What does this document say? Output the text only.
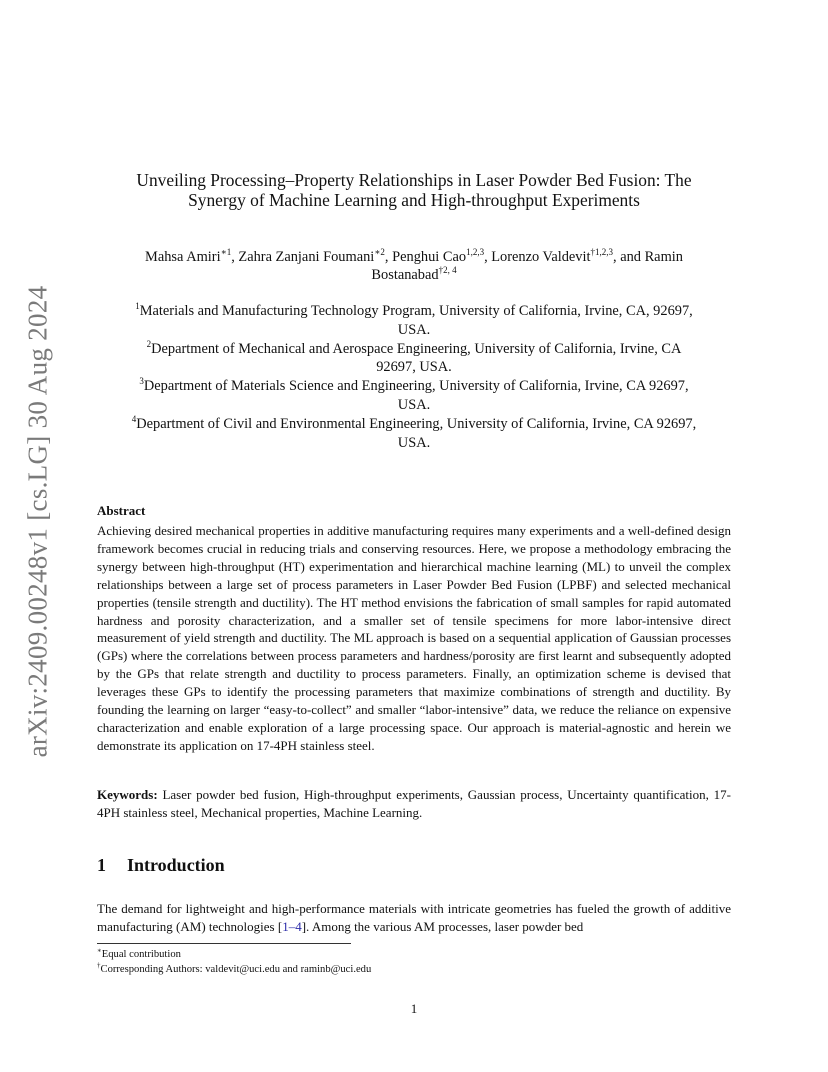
arXiv:2409.00248v1 [cs.LG] 30 Aug 2024
Unveiling Processing–Property Relationships in Laser Powder Bed Fusion: The
Synergy of Machine Learning and High-throughput Experiments
Mahsa Amiri$^{∗1}$, Zahra Zanjani Foumani$^{∗2}$, Penghui Cao$^{1,2,3}$, Lorenzo Valdevit$^{\dagger 1,2,3}$, and Ramin
Bostanabad$^{\dagger 2, 4}$
$^1$Materials and Manufacturing Technology Program, University of California, Irvine, CA, 92697,
USA.
$^2$Department of Mechanical and Aerospace Engineering, University of California, Irvine, CA
92697, USA.
$^3$Department of Materials Science and Engineering, University of California, Irvine, CA 92697,
USA.
$^4$Department of Civil and Environmental Engineering, University of California, Irvine, CA 92697,
USA.
Abstract
Achieving desired mechanical properties in additive manufacturing requires many experiments and a well-defined design framework becomes crucial in reducing trials and conserving resources. Here, we propose a methodology embracing the synergy between high-throughput (HT) experimentation and hierarchical machine learning (ML) to unveil the complex relationships between a large set of process parameters in Laser Powder Bed Fusion (LPBF) and selected mechanical properties (tensile strength and ductility). The HT method envisions the fabrication of small samples for rapid automated hardness and porosity characterization, and a smaller set of tensile specimens for more labor-intensive direct measurement of yield strength and ductility. The ML approach is based on a sequential application of Gaussian processes (GPs) where the correlations between process parameters and hardness/porosity are first learnt and subsequently adopted by the GPs that relate strength and ductility to process parameters. Finally, an optimization scheme is devised that leverages these GPs to identify the processing parameters that maximize combinations of strength and ductility. By founding the learning on larger “easy-to-collect” and smaller “labor-intensive” data, we reduce the reliance on expensive characterization and enable exploration of a large processing space. Our approach is material-agnostic and herein we demonstrate its application on 17-4PH stainless steel.
Keywords: Laser powder bed fusion, High-throughput experiments, Gaussian process, Uncertainty quantification, 17-4PH stainless steel, Mechanical properties, Machine Learning.
1 Introduction
The demand for lightweight and high-performance materials with intricate geometries has fueled the growth of additive manufacturing (AM) technologies [1–4]. Among the various AM processes, laser powder bed
∗Equal contribution
†Corresponding Authors: valdevit@uci.edu and raminb@uci.edu
1
